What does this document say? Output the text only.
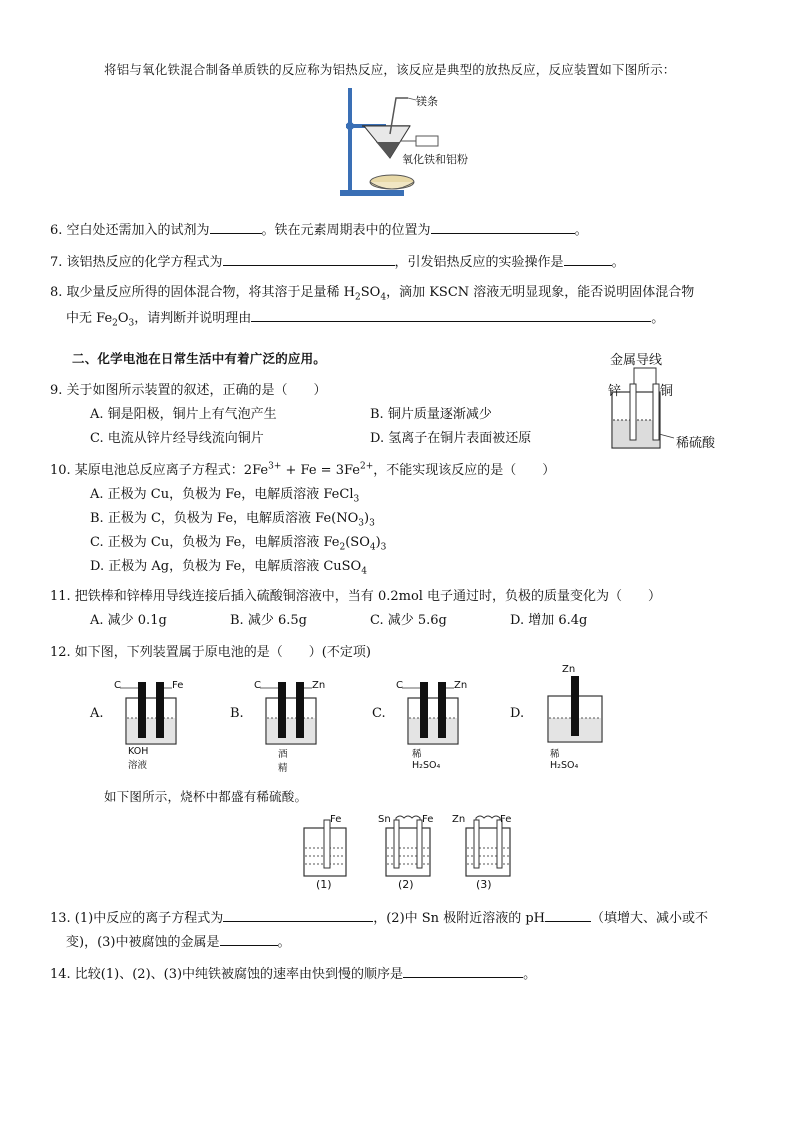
将铝与氧化铁混合制备单质铁的反应称为铝热反应，该反应是典型的放热反应，反应装置如下图所示：
镁条
氧化铁和铝粉
6. 空白处还需加入的试剂为	。铁在元素周期表中的位置为	。
7. 该铝热反应的化学方程式为	，引发铝热反应的实验操作是	。
8. 取少量反应所得的固体混合物，将其溶于足量稀 $H_2SO_4$，滴加 KSCN 溶液无明显现象，能否说明固体混合物
中无 $Fe_2O_3$，请判断并说明理由	。
二、化学电池在日常生活中有着广泛的应用。	金属导线
锌	铜
稀硫酸
9. 关于如图所示装置的叙述，正确的是（　　）
A. 铜是阳极，铜片上有气泡产生	B. 铜片质量逐渐减少
C. 电流从锌片经导线流向铜片	D. 氢离子在铜片表面被还原
10. 某原电池总反应离子方程式：$2Fe^{3+} + Fe = 3Fe^{2+}$，不能实现该反应的是（　　）
A. 正极为 Cu，负极为 Fe，电解质溶液 FeCl$_3$
B. 正极为 C，负极为 Fe，电解质溶液 $Fe(NO_3)_3$
C. 正极为 Cu，负极为 Fe，电解质溶液 $Fe_2(SO_4)_3$
D. 正极为 Ag，负极为 Fe，电解质溶液 CuSO$_4$
11. 把铁棒和锌棒用导线连接后插入硫酸铜溶液中，当有 0.2mol 电子通过时，负极的质量变化为（　　）
A. 减少 0.1g	B. 减少 6.5g	C. 减少 5.6g	D. 增加 6.4g
12. 如下图，下列装置属于原电池的是（　　）(不定项)
A.
C	Fe
KOH溶液
B.
C	Zn
酒精
C.
C	Zn
稀H₂SO₄
D.
Zn
稀H₂SO₄
如下图所示，烧杯中都盛有稀硫酸。
Fe
(1)
Sn	Fe
(2)
Zn	Fe
(3)
13. (1)中反应的离子方程式为	，(2)中 Sn 极附近溶液的 pH	（填增大、减小或不
变)，(3)中被腐蚀的金属是	。
14. 比较(1)、(2)、(3)中纯铁被腐蚀的速率由快到慢的顺序是	。
